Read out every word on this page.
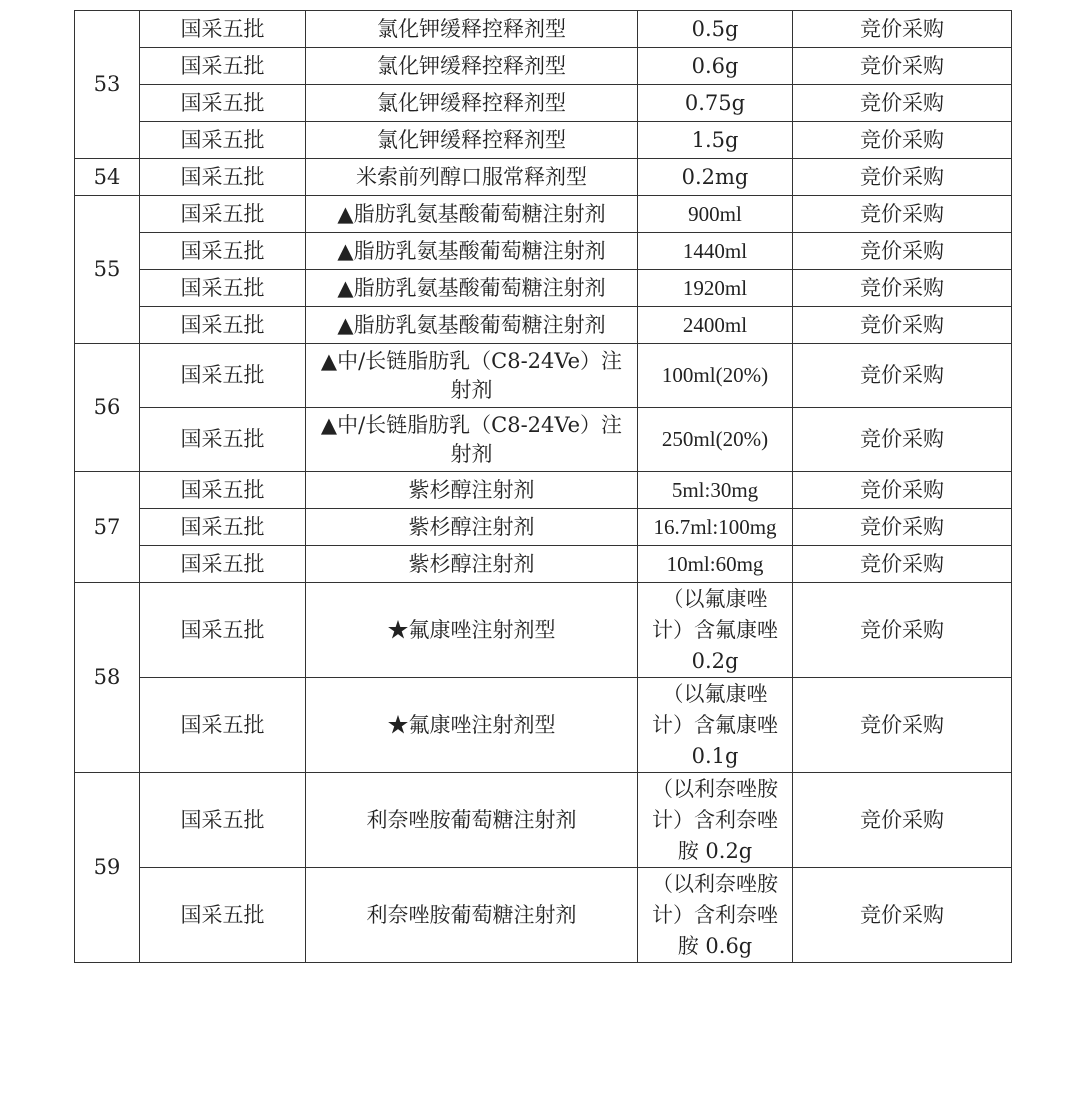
53	国采五批	氯化钾缓释控释剂型	0.5g	竞价采购
	国采五批	氯化钾缓释控释剂型	0.6g	竞价采购
	国采五批	氯化钾缓释控释剂型	0.75g	竞价采购
	国采五批	氯化钾缓释控释剂型	1.5g	竞价采购
54	国采五批	米索前列醇口服常释剂型	0.2mg	竞价采购
55	国采五批	▲脂肪乳氨基酸葡萄糖注射剂	900ml	竞价采购
	国采五批	▲脂肪乳氨基酸葡萄糖注射剂	1440ml	竞价采购
	国采五批	▲脂肪乳氨基酸葡萄糖注射剂	1920ml	竞价采购
	国采五批	▲脂肪乳氨基酸葡萄糖注射剂	2400ml	竞价采购
56	国采五批	▲中/长链脂肪乳（C8-24Ve）注
射剂	100ml(20%)	竞价采购
	国采五批	▲中/长链脂肪乳（C8-24Ve）注
射剂	250ml(20%)	竞价采购
57	国采五批	紫杉醇注射剂	5ml:30mg	竞价采购
	国采五批	紫杉醇注射剂	16.7ml:100mg	竞价采购
	国采五批	紫杉醇注射剂	10ml:60mg	竞价采购
58	国采五批	★氟康唑注射剂型	（以氟康唑
计）含氟康唑
0.2g	竞价采购
	国采五批	★氟康唑注射剂型	（以氟康唑
计）含氟康唑
0.1g	竞价采购
59	国采五批	利奈唑胺葡萄糖注射剂	（以利奈唑胺
计）含利奈唑
胺 0.2g	竞价采购
	国采五批	利奈唑胺葡萄糖注射剂	（以利奈唑胺
计）含利奈唑
胺 0.6g	竞价采购
